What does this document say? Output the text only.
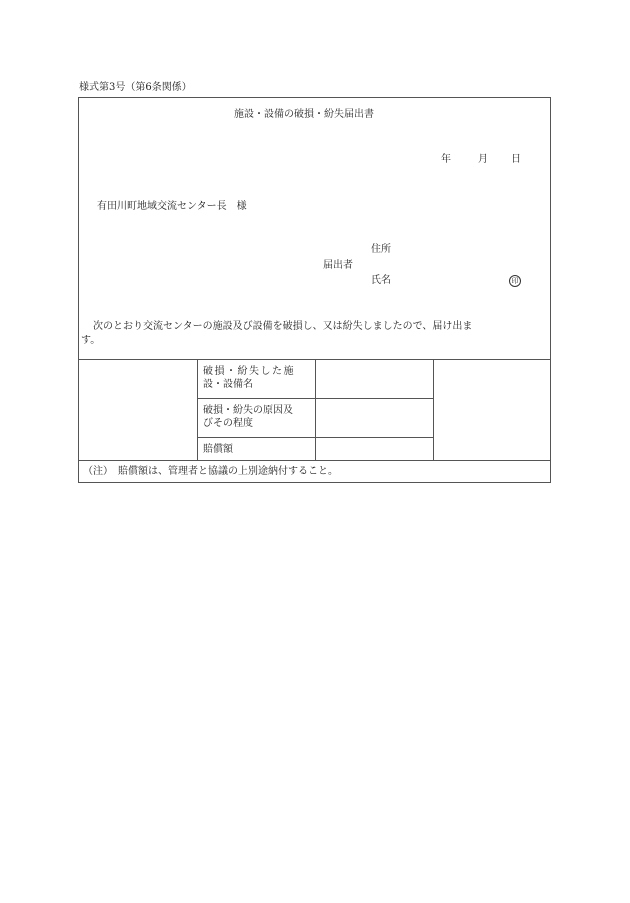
様式第3号（第6条関係）
施設・設備の破損・紛失届出書
年	月 日
有田川町地域交流センター長　様
住所
届出者
氏名	印
次のとおり交流センターの施設及び設備を破損し、又は紛失しましたので、届け出ま
す。
破損・紛失した施
設・設備名
破損・紛失の原因及
びその程度
賠償額
（注）　賠償額は、管理者と協議の上別途納付すること。
